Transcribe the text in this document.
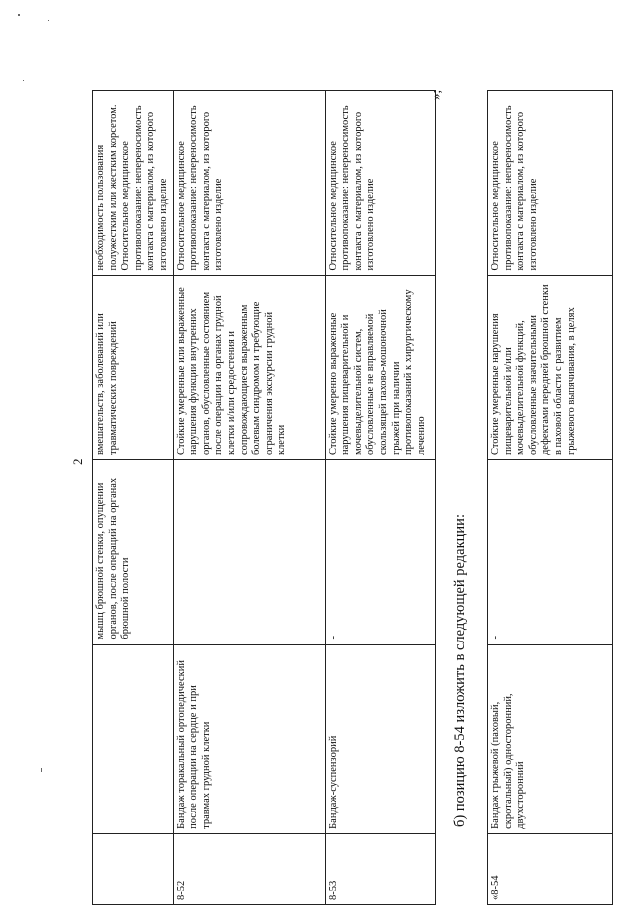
2
		мышц брюшной стенки, опущении органов, после операций на органах брюшной полости	вмешательств, заболеваний или травматических повреждений	необходимость пользования полужестким или жестким корсетом. Относительное медицинское противопоказание: непереносимость контакта с материалом, из которого изготовлено изделие
8-52	Бандаж торакальный ортопедический после операции на сердце и при травмах грудной клетки		Стойкие умеренные или выраженные нарушения функции внутренних органов, обусловленные состоянием после операции на органах грудной клетки и/или средостения и сопровождающиеся выраженным болевым синдромом и требующие ограничения экскурсии грудной клетки	Относительное медицинское противопоказание: непереносимость контакта с материалом, из которого изготовлено изделие
8-53	Бандаж-суспензорий	-	Стойкие умеренно выраженные нарушения пищеварительной и мочевыделительной систем, обусловленные не вправляемой скользящей пахово-мошоночной грыжей при наличии противопоказаний к хирургическому лечению	Относительное медицинское противопоказание: непереносимость контакта с материалом, из которого изготовлено изделие
»;
б) позицию 8-54 изложить в следующей редакции:
«8-54	Бандаж грыжевой (паховый, скротальный) односторонний, двухсторонний	-	Стойкие умеренные нарушения пищеварительной и/или мочевыделительной функций, обусловленные значительными дефектами передней брюшной стенки в паховой области с развитием грыжевого выпячивания, в целях	Относительное медицинское противопоказание: непереносимость контакта с материалом, из которого изготовлено изделие
